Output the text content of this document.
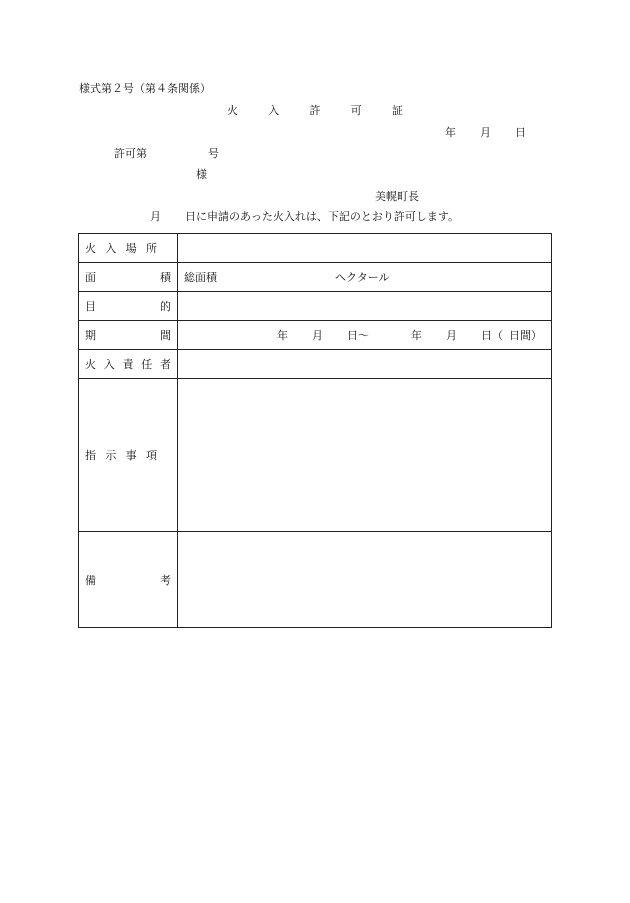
様式第２号（第４条関係）
火	入	許	可	証
年 月 日
許可第	号
様
美幌町長
月 日に申請のあった火入れは、下記のとおり許可します。
火 入 場 所	

面 積	総面積 ヘクタール

目 的	

期 間	年 月 日〜 年 月 日（ 日間）

火 入 責 任 者	

指 示 事 項	

備 考	
